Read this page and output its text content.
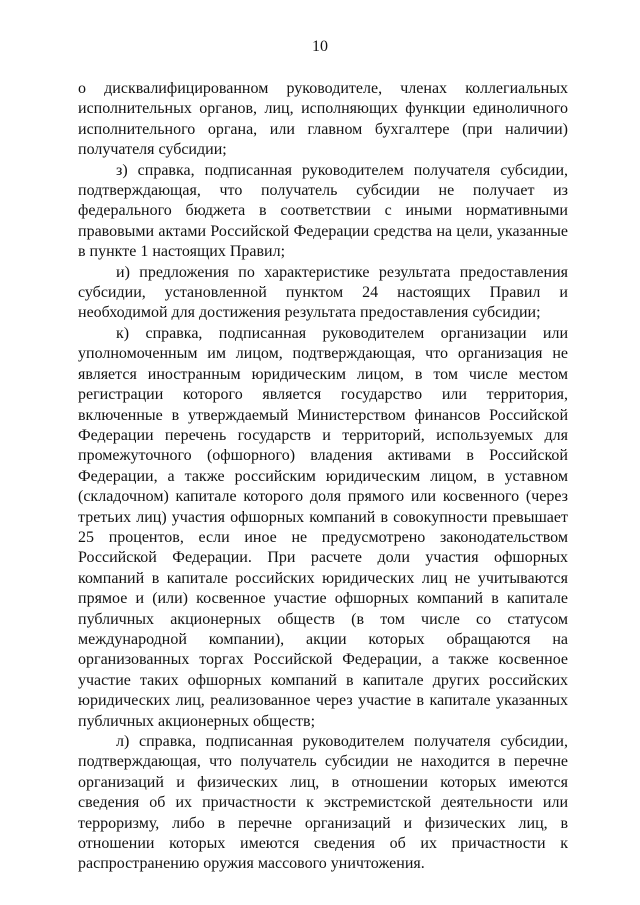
10

о дисквалифицированном руководителе, членах коллегиальных исполнительных органов, лиц, исполняющих функции единоличного исполнительного органа, или главном бухгалтере (при наличии) получателя субсидии;

з) справка, подписанная руководителем получателя субсидии, подтверждающая, что получатель субсидии не получает из федерального бюджета в соответствии с иными нормативными правовыми актами Российской Федерации средства на цели, указанные в пункте 1 настоящих Правил;

и) предложения по характеристике результата предоставления субсидии, установленной пунктом 24 настоящих Правил и необходимой для достижения результата предоставления субсидии;

к) справка, подписанная руководителем организации или уполномоченным им лицом, подтверждающая, что организация не является иностранным юридическим лицом, в том числе местом регистрации которого является государство или территория, включенные в утверждаемый Министерством финансов Российской Федерации перечень государств и территорий, используемых для промежуточного (офшорного) владения активами в Российской Федерации, а также российским юридическим лицом, в уставном (складочном) капитале которого доля прямого или косвенного (через третьих лиц) участия офшорных компаний в совокупности превышает 25 процентов, если иное не предусмотрено законодательством Российской Федерации. При расчете доли участия офшорных компаний в капитале российских юридических лиц не учитываются прямое и (или) косвенное участие офшорных компаний в капитале публичных акционерных обществ (в том числе со статусом международной компании), акции которых обращаются на организованных торгах Российской Федерации, а также косвенное участие таких офшорных компаний в капитале других российских юридических лиц, реализованное через участие в капитале указанных публичных акционерных обществ;

л) справка, подписанная руководителем получателя субсидии, подтверждающая, что получатель субсидии не находится в перечне организаций и физических лиц, в отношении которых имеются сведения об их причастности к экстремистской деятельности или терроризму, либо в перечне организаций и физических лиц, в отношении которых имеются сведения об их причастности к распространению оружия массового уничтожения.
